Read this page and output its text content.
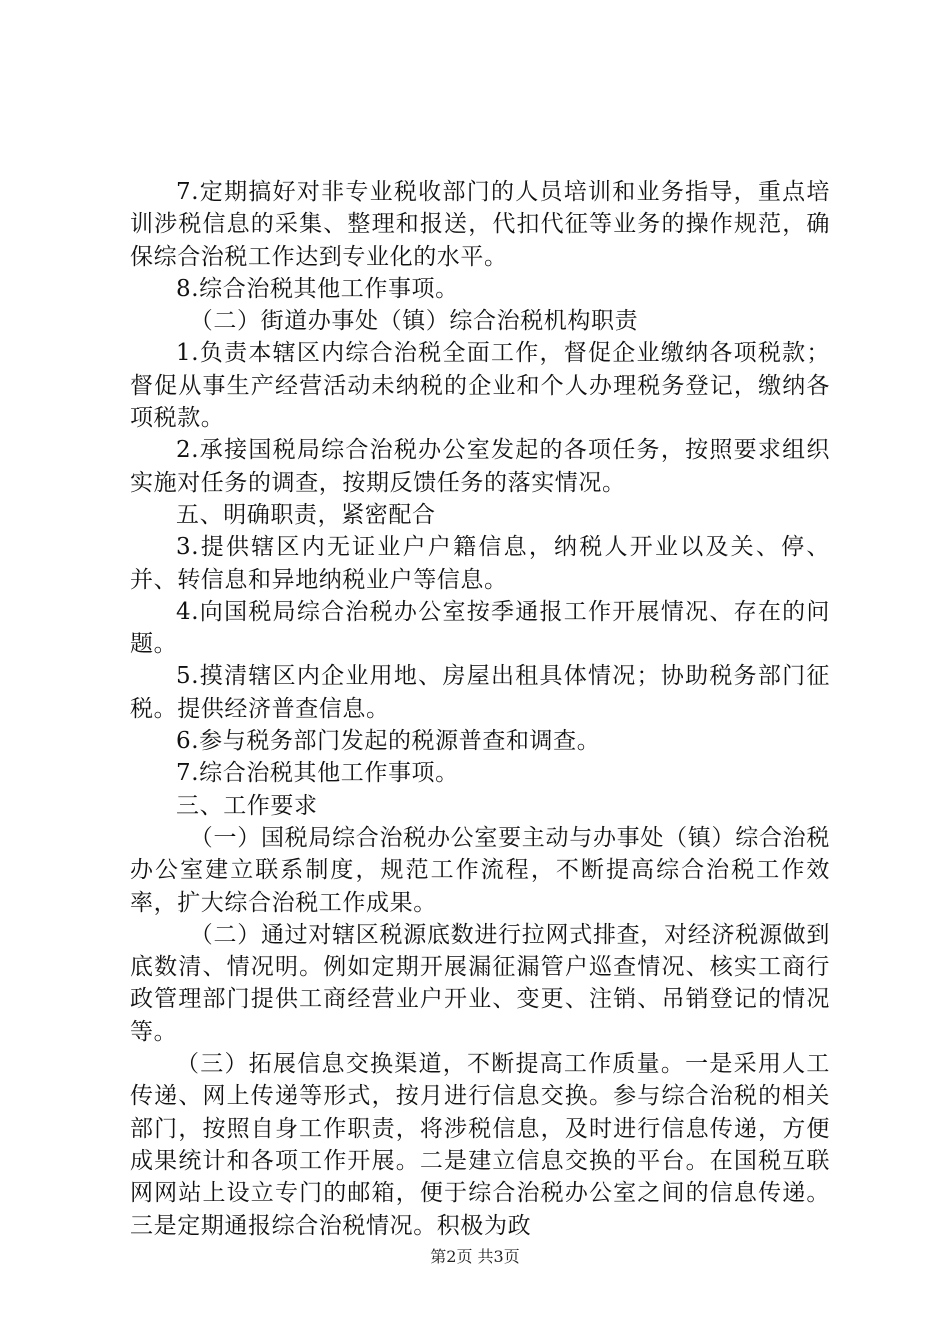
7.定期搞好对非专业税收部门的人员培训和业务指导，重点培训涉税信息的采集、整理和报送，代扣代征等业务的操作规范，确保综合治税工作达到专业化的水平。

8.综合治税其他工作事项。

（二）街道办事处（镇）综合治税机构职责

1.负责本辖区内综合治税全面工作，督促企业缴纳各项税款；督促从事生产经营活动未纳税的企业和个人办理税务登记，缴纳各项税款。

2.承接国税局综合治税办公室发起的各项任务，按照要求组织实施对任务的调查，按期反馈任务的落实情况。

五、明确职责，紧密配合

3.提供辖区内无证业户户籍信息，纳税人开业以及关、停、并、转信息和异地纳税业户等信息。

4.向国税局综合治税办公室按季通报工作开展情况、存在的问题。

5.摸清辖区内企业用地、房屋出租具体情况；协助税务部门征税。提供经济普查信息。

6.参与税务部门发起的税源普查和调查。

7.综合治税其他工作事项。

三、工作要求

（一）国税局综合治税办公室要主动与办事处（镇）综合治税办公室建立联系制度，规范工作流程，不断提高综合治税工作效率，扩大综合治税工作成果。

（二）通过对辖区税源底数进行拉网式排查，对经济税源做到底数清、情况明。例如定期开展漏征漏管户巡查情况、核实工商行政管理部门提供工商经营业户开业、变更、注销、吊销登记的情况等。

（三）拓展信息交换渠道，不断提高工作质量。一是采用人工传递、网上传递等形式，按月进行信息交换。参与综合治税的相关部门，按照自身工作职责，将涉税信息，及时进行信息传递，方便成果统计和各项工作开展。二是建立信息交换的平台。在国税互联网网站上设立专门的邮箱，便于综合治税办公室之间的信息传递。三是定期通报综合治税情况。积极为政

第2页 共3页
